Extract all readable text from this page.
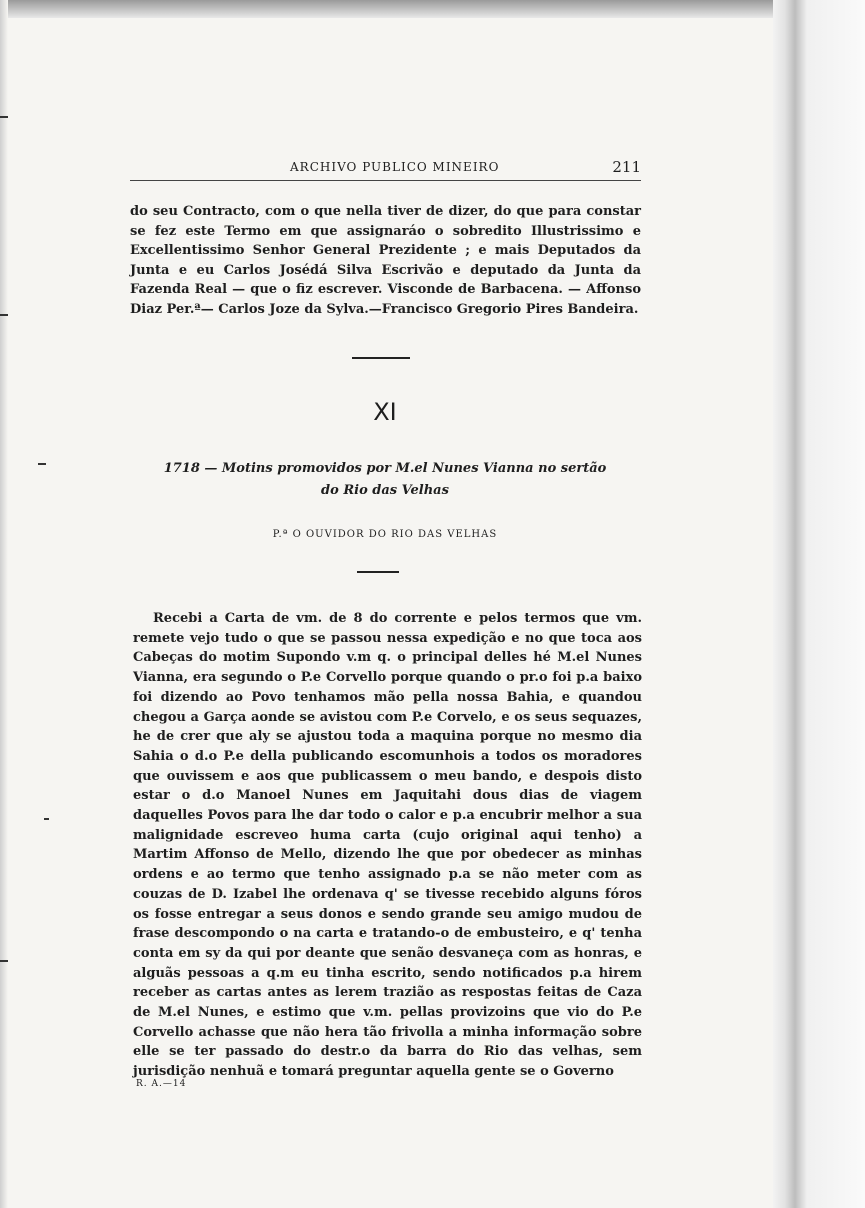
ARCHIVO PUBLICO MINEIRO	211
do seu Contracto, com o que nella tiver de dizer, do que para constar se fez este Termo em que assignaráo o sobredito Illustrissimo e Excellentissimo Senhor General Prezidente ; e mais Deputados da Junta e eu Carlos Josédá Silva Escrivão e deputado da Junta da Fazenda Real — que o fiz escrever. Visconde de Barbacena. — Affonso Diaz Per.ª— Carlos Joze da Sylva.—Francisco Gregorio Pires Bandeira.
XI
1718 — Motins promovidos por M.el Nunes Vianna no sertão
do Rio das Velhas
P.ª O OUVIDOR DO RIO DAS VELHAS
Recebi a Carta de vm. de 8 do corrente e pelos termos que vm. remete vejo tudo o que se passou nessa expedição e no que toca aos Cabeças do motim Supondo v.m q. o principal delles hé M.el Nunes Vianna, era segundo o P.e Corvello porque quando o pr.o foi p.a baixo foi dizendo ao Povo tenhamos mão pella nossa Bahia, e quandou chegou a Garça aonde se avistou com P.e Corvelo, e os seus sequazes, he de crer que aly se ajustou toda a maquina porque no mesmo dia Sahia o d.o P.e della publicando escomunhois a todos os moradores que ouvissem e aos que publicassem o meu bando, e despois disto estar o d.o Manoel Nunes em Jaquitahi dous dias de viagem daquelles Povos para lhe dar todo o calor e p.a encubrir melhor a sua malignidade escreveo huma carta (cujo original aqui tenho) a Martim Affonso de Mello, dizendo lhe que por obedecer as minhas ordens e ao termo que tenho assignado p.a se não meter com as couzas de D. Izabel lhe ordenava q' se tivesse recebido alguns fóros os fosse entregar a seus donos e sendo grande seu amigo mudou de frase descompondo o na carta e tratando-o de embusteiro, e q' tenha conta em sy da qui por deante que senão desvaneça com as honras, e alguãs pessoas a q.m eu tinha escrito, sendo notificados p.a hirem receber as cartas antes as lerem trazião as respostas feitas de Caza de M.el Nunes, e estimo que v.m. pellas provizoins que vio do P.e Corvello achasse que não hera tão frivolla a minha informação sobre elle se ter passado do destr.o da barra do Rio das velhas, sem jurisdição nenhuã e tomará preguntar aquella gente se o Governo
R. A.—14
